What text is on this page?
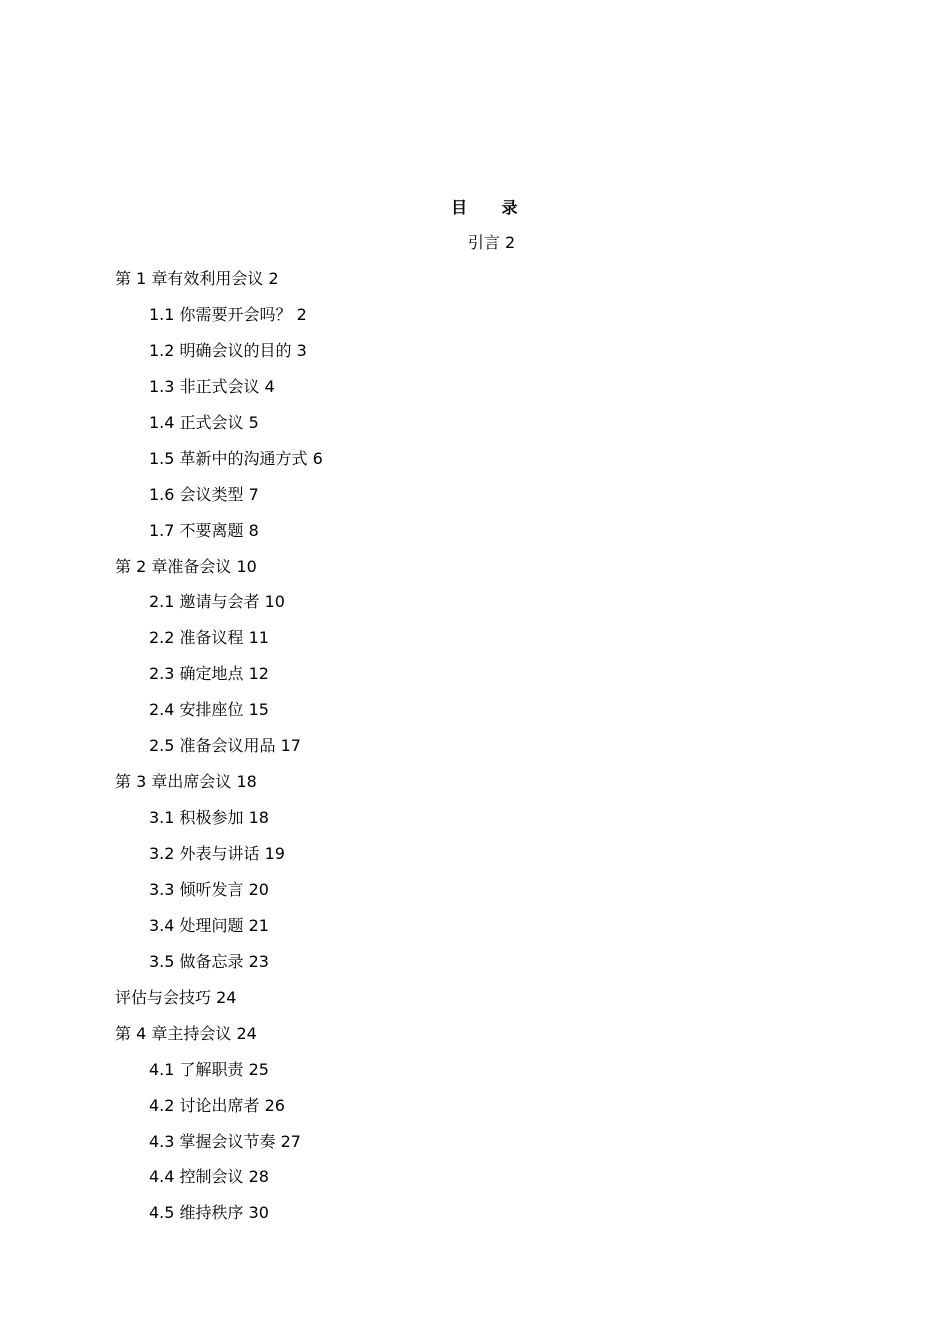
目 录
引言 2
第 1 章有效利用会议 2
1.1 你需要开会吗？ 2
1.2 明确会议的目的 3
1.3 非正式会议 4
1.4 正式会议 5
1.5 革新中的沟通方式 6
1.6 会议类型 7
1.7 不要离题 8
第 2 章准备会议 10
2.1 邀请与会者 10
2.2 准备议程 11
2.3 确定地点 12
2.4 安排座位 15
2.5 准备会议用品 17
第 3 章出席会议 18
3.1 积极参加 18
3.2 外表与讲话 19
3.3 倾听发言 20
3.4 处理问题 21
3.5 做备忘录 23
评估与会技巧 24
第 4 章主持会议 24
4.1 了解职责 25
4.2 讨论出席者 26
4.3 掌握会议节奏 27
4.4 控制会议 28
4.5 维持秩序 30
